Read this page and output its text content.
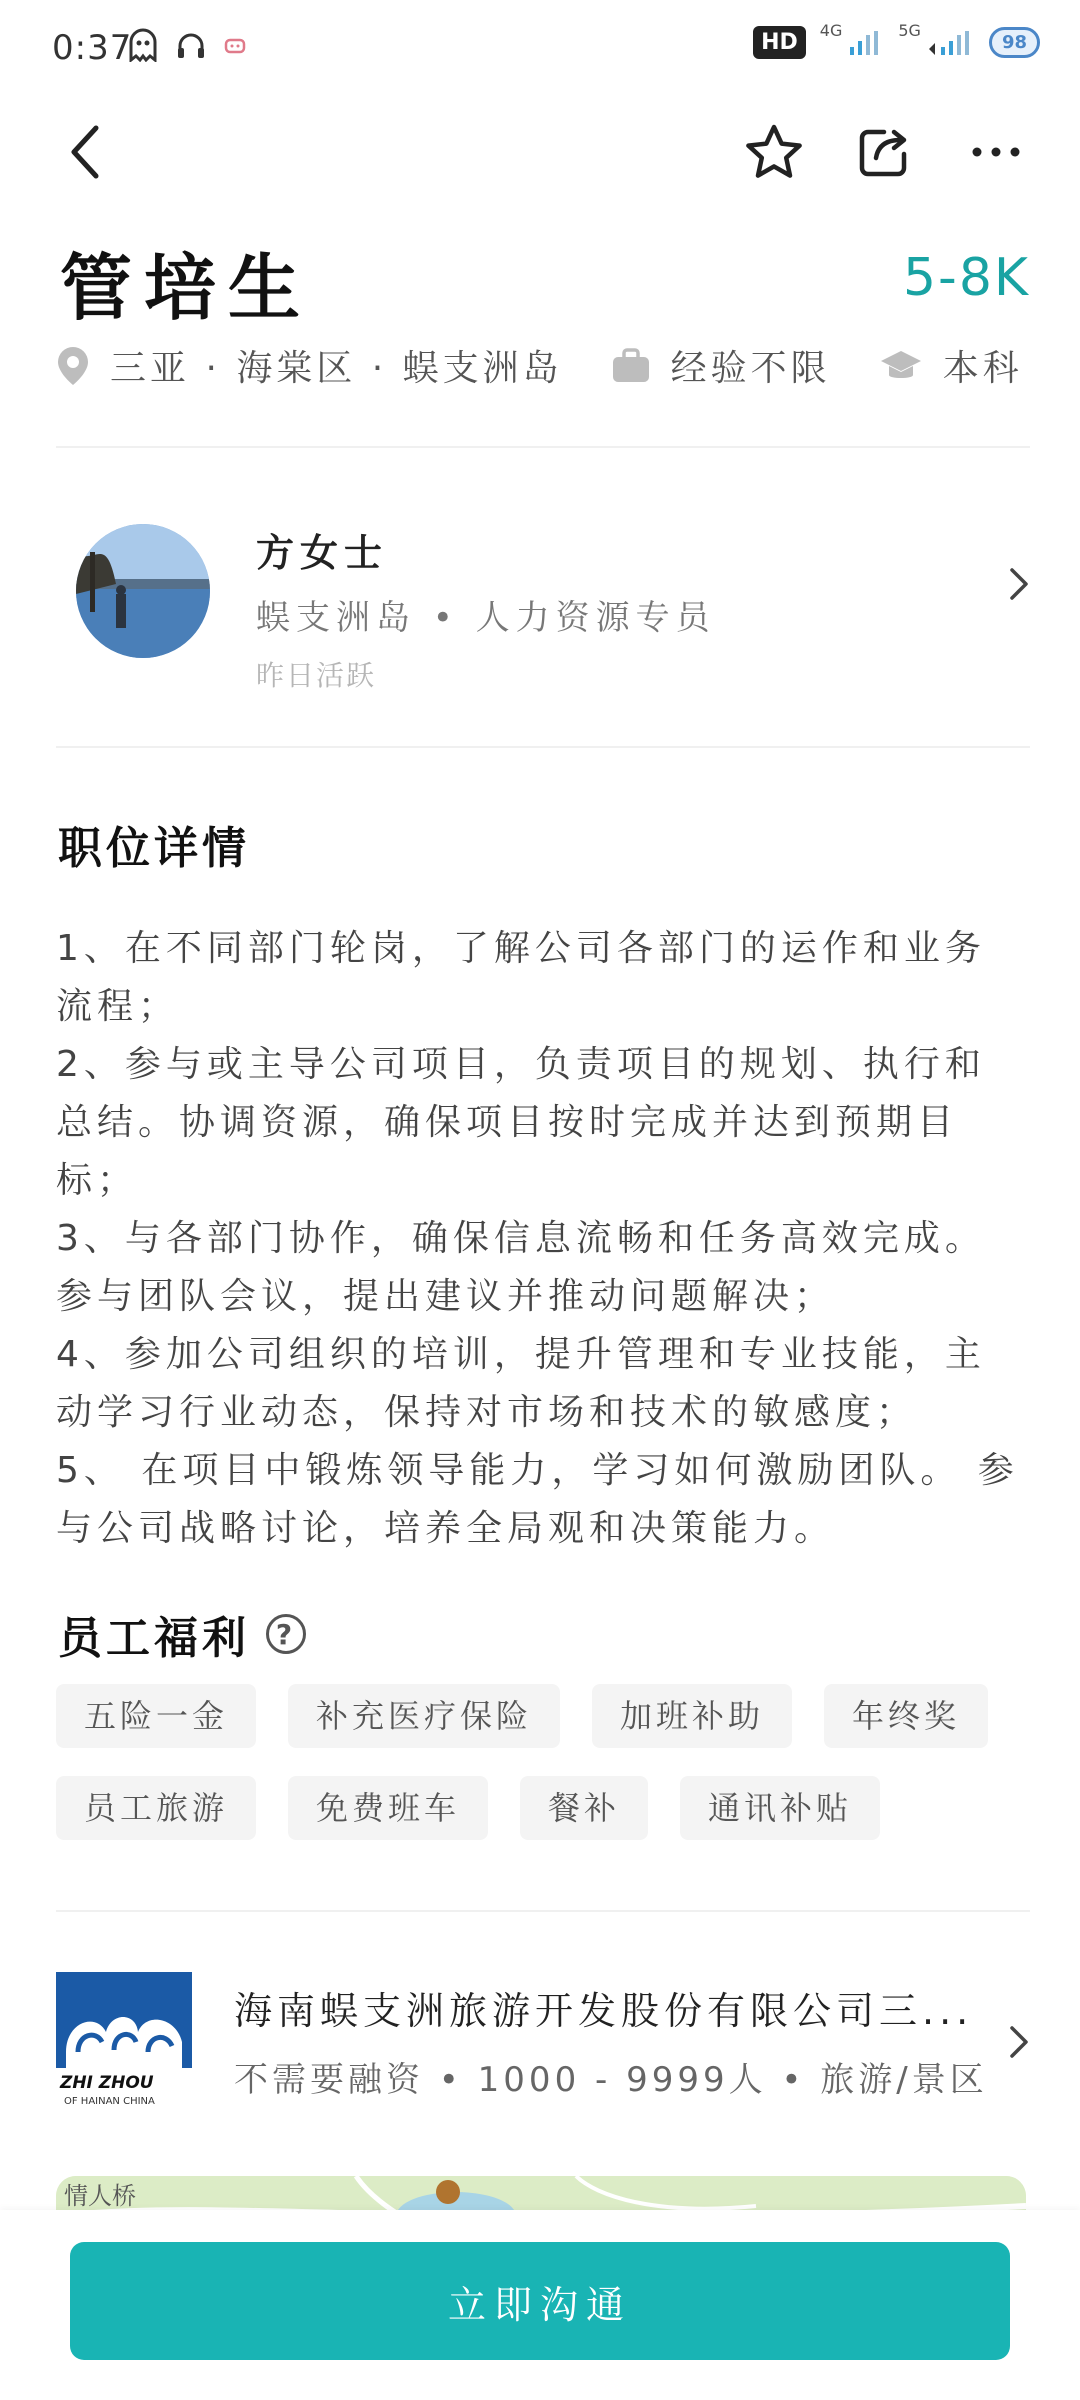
0:37	HD	4G	5G
98
管培生	5-8K
三亚 · 海棠区 · 蜈支洲岛	经验不限	本科
方女士
蜈支洲岛 • 人力资源专员
昨日活跃
职位详情

1、在不同部门轮岗，了解公司各部门的运作和业务流程；

2、参与或主导公司项目，负责项目的规划、执行和总结。协调资源，确保项目按时完成并达到预期目标；

3、与各部门协作，确保信息流畅和任务高效完成。参与团队会议，提出建议并推动问题解决；

4、参加公司组织的培训，提升管理和专业技能，主动学习行业动态，保持对市场和技术的敏感度；

5、 在项目中锻炼领导能力，学习如何激励团队。 参与公司战略讨论，培养全局观和决策能力。

员工福利 ?
五险一金	补充医疗保险	加班补助	年终奖
员工旅游	免费班车	餐补	通讯补贴
ZHI ZHOU
OF HAINAN CHINA
海南蜈支洲旅游开发股份有限公司三...
不需要融资 • 1000 - 9999人 • 旅游/景区
情人桥
立即沟通
